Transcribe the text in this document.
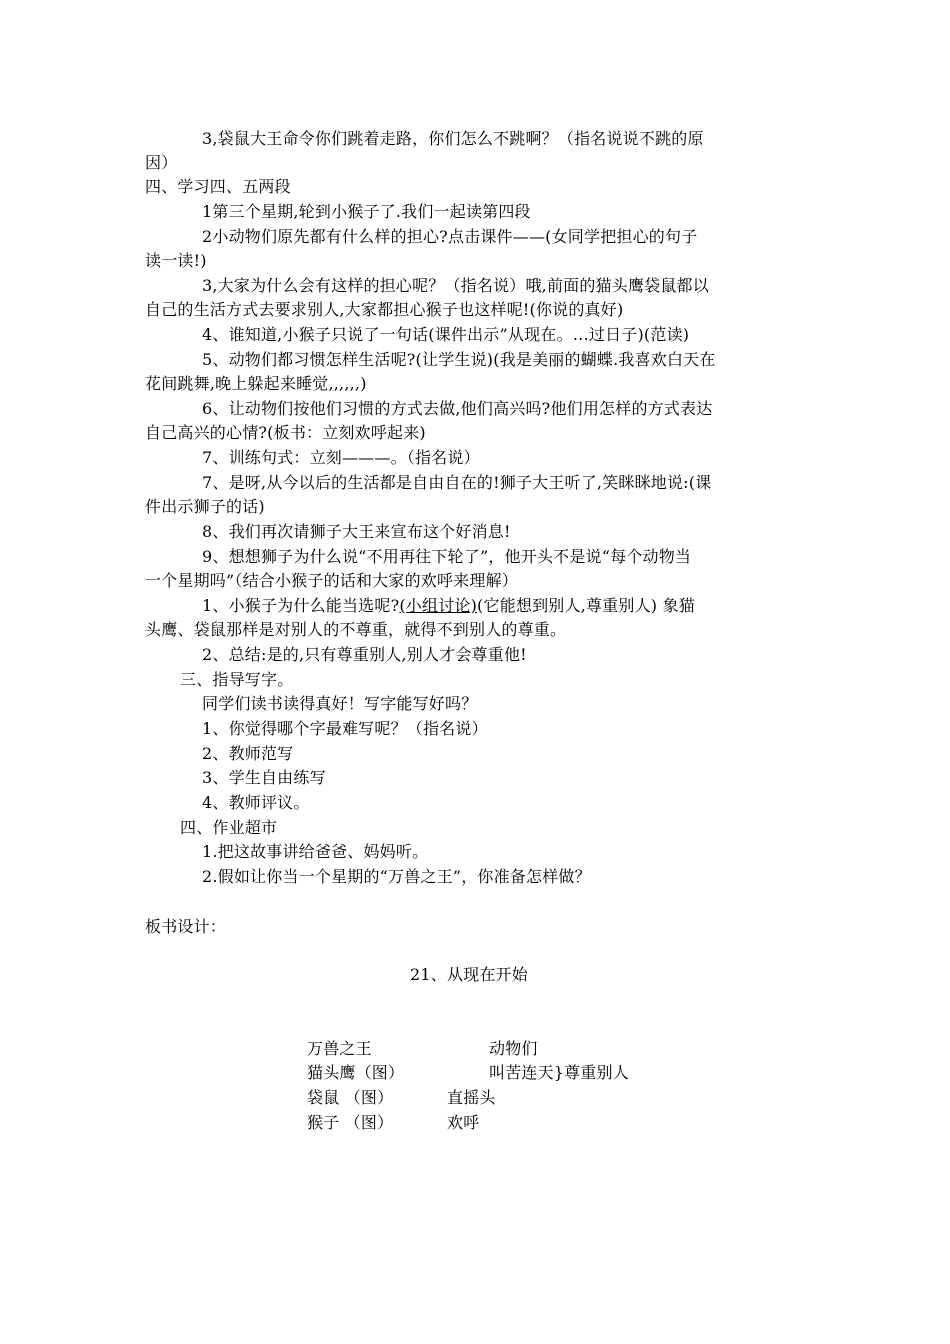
3,袋鼠大王命令你们跳着走路，你们怎么不跳啊？（指名说说不跳的原
因）
四、学习四、五两段
1第三个星期,轮到小猴子了.我们一起读第四段
2小动物们原先都有什么样的担心?点击课件——(女同学把担心的句子
读一读!)
3,大家为什么会有这样的担心呢？（指名说）哦,前面的猫头鹰袋鼠都以
自己的生活方式去要求别人,大家都担心猴子也这样呢!(你说的真好)
4、谁知道,小猴子只说了一句话(课件出示”从现在。…过日子)(范读)
5、动物们都习惯怎样生活呢?(让学生说)(我是美丽的蝴蝶.我喜欢白天在
花间跳舞,晚上躲起来睡觉,,,,,,)
6、让动物们按他们习惯的方式去做,他们高兴吗?他们用怎样的方式表达
自己高兴的心情?(板书：立刻欢呼起来)
7、训练句式：立刻———。（指名说）
7、是呀,从今以后的生活都是自由自在的!狮子大王听了,笑眯眯地说:(课
件出示狮子的话)
8、我们再次请狮子大王来宣布这个好消息!
9、想想狮子为什么说“不用再往下轮了”，他开头不是说“每个动物当
一个星期吗”（结合小猴子的话和大家的欢呼来理解）
1、小猴子为什么能当选呢?(小组讨论)(它能想到别人,尊重别人) 象猫
头鹰、袋鼠那样是对别人的不尊重，就得不到别人的尊重。
2、总结:是的,只有尊重别人,别人才会尊重他!
三、指导写字。
同学们读书读得真好！写字能写好吗？
1、你觉得哪个字最难写呢？（指名说）
2、教师范写
3、学生自由练写
4、教师评议。
四、作业超市
1.把这故事讲给爸爸、妈妈听。
2.假如让你当一个星期的“万兽之王”，你准备怎样做？
板书设计：
21、从现在开始
万兽之王	动物们
猫头鹰（图）	叫苦连天}尊重别人
袋鼠 （图）	直摇头
猴子 （图）	欢呼
